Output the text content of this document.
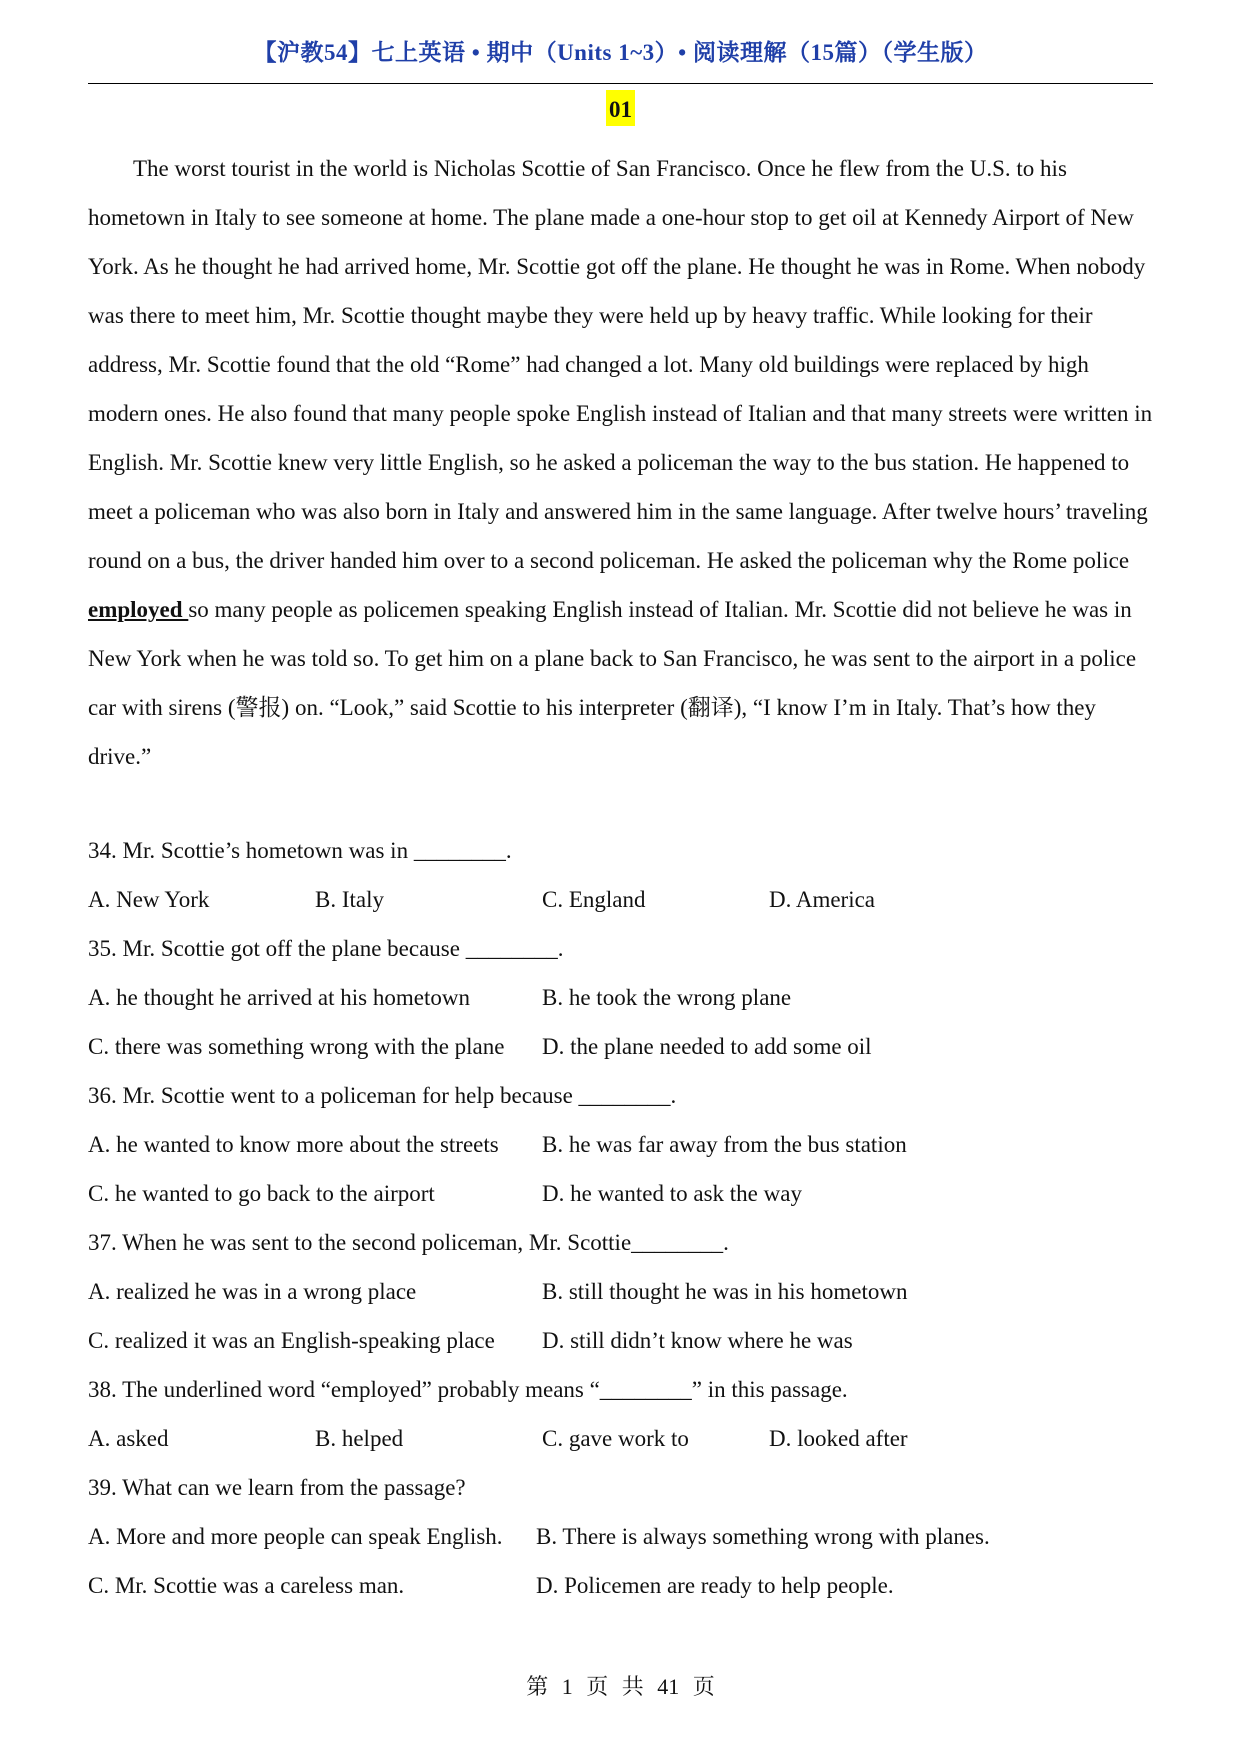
【沪教54】七上英语 • 期中（Units 1~3）• 阅读理解（15篇）（学生版）
01
The worst tourist in the world is Nicholas Scottie of San Francisco. Once he flew from the U.S. to his hometown in Italy to see someone at home. The plane made a one-hour stop to get oil at Kennedy Airport of New York. As he thought he had arrived home, Mr. Scottie got off the plane. He thought he was in Rome. When nobody was there to meet him, Mr. Scottie thought maybe they were held up by heavy traffic. While looking for their address, Mr. Scottie found that the old “Rome” had changed a lot. Many old buildings were replaced by high modern ones. He also found that many people spoke English instead of Italian and that many streets were written in English. Mr. Scottie knew very little English, so he asked a policeman the way to the bus station. He happened to meet a policeman who was also born in Italy and answered him in the same language. After twelve hours’ traveling round on a bus, the driver handed him over to a second policeman. He asked the policeman why the Rome police employed so many people as policemen speaking English instead of Italian. Mr. Scottie did not believe he was in New York when he was told so. To get him on a plane back to San Francisco, he was sent to the airport in a police car with sirens (警报) on. “Look,” said Scottie to his interpreter (翻译), “I know I’m in Italy. That’s how they drive.”
34. Mr. Scottie’s hometown was in ________.
A. New York	B. Italy	C. England	D. America
35. Mr. Scottie got off the plane because ________.
A. he thought he arrived at his hometown	B. he took the wrong plane
C. there was something wrong with the plane D. the plane needed to add some oil
36. Mr. Scottie went to a policeman for help because ________.
A. he wanted to know more about the streets B. he was far away from the bus station
C. he wanted to go back to the airport	D. he wanted to ask the way
37. When he was sent to the second policeman, Mr. Scottie________.
A. realized he was in a wrong place	B. still thought he was in his hometown
C. realized it was an English-speaking place D. still didn’t know where he was
38. The underlined word “employed” probably means “________” in this passage.
A. asked	B. helped	C. gave work to	D. looked after
39. What can we learn from the passage?
A. More and more people can speak English. B. There is always something wrong with planes.
C. Mr. Scottie was a careless man.	D. Policemen are ready to help people.
第 1 页 共 41 页
